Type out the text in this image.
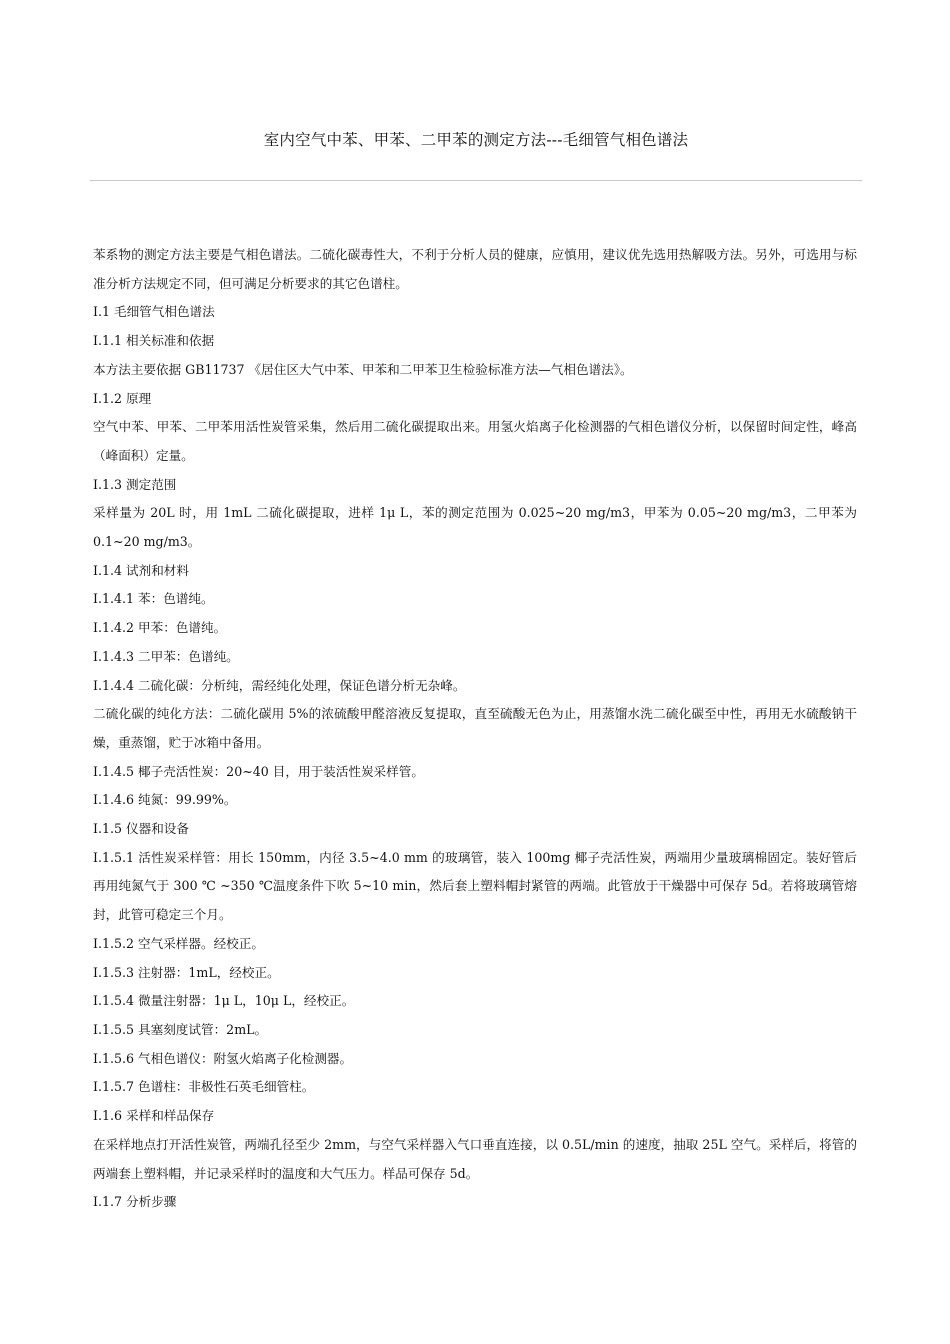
室内空气中苯、甲苯、二甲苯的测定方法---毛细管气相色谱法

苯系物的测定方法主要是气相色谱法。二硫化碳毒性大，不利于分析人员的健康，应慎用，建议优先选用热解吸方法。另外，可选用与标准分析方法规定不同，但可满足分析要求的其它色谱柱。

I.1 毛细管气相色谱法

I.1.1 相关标准和依据

本方法主要依据 GB11737 《居住区大气中苯、甲苯和二甲苯卫生检验标准方法—气相色谱法》。

I.1.2 原理

空气中苯、甲苯、二甲苯用活性炭管采集，然后用二硫化碳提取出来。用氢火焰离子化检测器的气相色谱仪分析，以保留时间定性，峰高（峰面积）定量。

I.1.3 测定范围

采样量为 20L 时，用 1mL 二硫化碳提取，进样 1μ L，苯的测定范围为 0.025~20 mg/m3，甲苯为 0.05~20 mg/m3，二甲苯为 0.1~20 mg/m3。

I.1.4 试剂和材料

I.1.4.1 苯：色谱纯。

I.1.4.2 甲苯：色谱纯。

I.1.4.3 二甲苯：色谱纯。

I.1.4.4 二硫化碳：分析纯，需经纯化处理，保证色谱分析无杂峰。

二硫化碳的纯化方法：二硫化碳用 5%的浓硫酸甲醛溶液反复提取，直至硫酸无色为止，用蒸馏水洗二硫化碳至中性，再用无水硫酸钠干燥，重蒸馏，贮于冰箱中备用。

I.1.4.5 椰子壳活性炭：20~40 目，用于装活性炭采样管。

I.1.4.6 纯氮：99.99%。

I.1.5 仪器和设备

I.1.5.1 活性炭采样管：用长 150mm，内径 3.5~4.0 mm 的玻璃管，装入 100mg 椰子壳活性炭，两端用少量玻璃棉固定。装好管后再用纯氮气于 300 ℃ ~350 ℃温度条件下吹 5~10 min，然后套上塑料帽封紧管的两端。此管放于干燥器中可保存 5d。若将玻璃管熔封，此管可稳定三个月。

I.1.5.2 空气采样器。经校正。

I.1.5.3 注射器：1mL，经校正。

I.1.5.4 微量注射器：1μ L，10μ L，经校正。

I.1.5.5 具塞刻度试管：2mL。

I.1.5.6 气相色谱仪：附氢火焰离子化检测器。

I.1.5.7 色谱柱：非极性石英毛细管柱。

I.1.6 采样和样品保存

在采样地点打开活性炭管，两端孔径至少 2mm，与空气采样器入气口垂直连接，以 0.5L/min 的速度，抽取 25L 空气。采样后，将管的两端套上塑料帽，并记录采样时的温度和大气压力。样品可保存 5d。

I.1.7 分析步骤
